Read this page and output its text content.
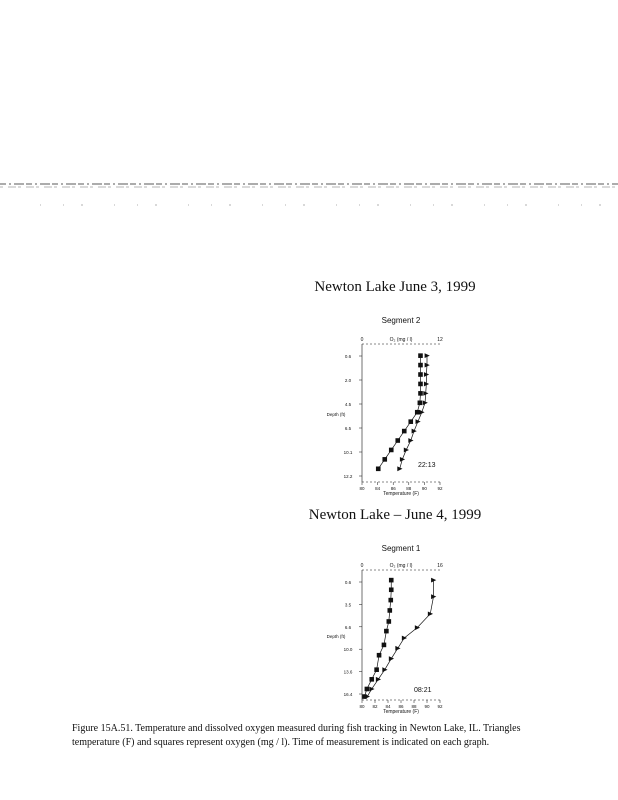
Newton Lake June 3, 1999
Newton Lake – June 4, 1999
Segment 2
O₂ (mg / l)
0	12
0.6
2.0
4.5
6.5
10.1
12.2
Depth (ft)
80 84 86 88 90 92
Temperature (F)
22:13
Segment 1
O₂ (mg / l)
0	16
0.6
3.5
6.6
10.0
13.6
16.4
Depth (ft)
80 82 84 86 88 90 92
Temperature (F)
08:21
Figure 15A.51. Temperature and dissolved oxygen measured during fish tracking in Newton Lake, IL. Triangles
temperature (F) and squares represent oxygen (mg / l). Time of measurement is indicated on each graph.
